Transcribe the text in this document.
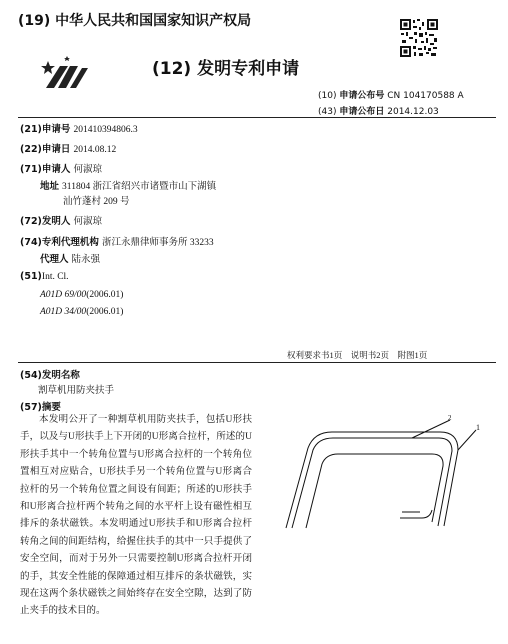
(19) 中华人民共和国国家知识产权局
(12) 发明专利申请
(10) 申请公布号 CN 104170588 A
(43) 申请公布日 2014.12.03
(21)申请号 201410394806.3
(22)申请日 2014.08.12
(71)申请人 何淑琼
地址 311804 浙江省绍兴市诸暨市山下湖镇
汕竹蓬村 209 号
(72)发明人 何淑琼
(74)专利代理机构 浙江永鼎律师事务所 33233
代理人 陆永强
(51)Int. Cl.
A01D 69/00(2006.01)
A01D 34/00(2006.01)
权利要求书1页　说明书2页　附图1页
(54)发明名称
割草机用防夹扶手
(57)摘要
本发明公开了一种割草机用防夹扶手，包括U形扶手，以及与U形扶手上下开闭的U形离合拉杆，所述的U形扶手其中一个转角位置与U形离合拉杆的一个转角位置相互对应贴合，U形扶手另一个转角位置与U形离合拉杆的另一个转角位置之间设有间距；所述的U形扶手和U形离合拉杆两个转角之间的水平杆上设有磁性相互排斥的条状磁铁。本发明通过U形扶手和U形离合拉杆转角之间的间距结构，给握住扶手的其中一只手提供了安全空间，而对于另外一只需要控制U形离合拉杆开闭的手，其安全性能的保障通过相互排斥的条状磁铁，实现在这两个条状磁铁之间始终存在安全空隙，达到了防止夹手的技术目的。
2
1
